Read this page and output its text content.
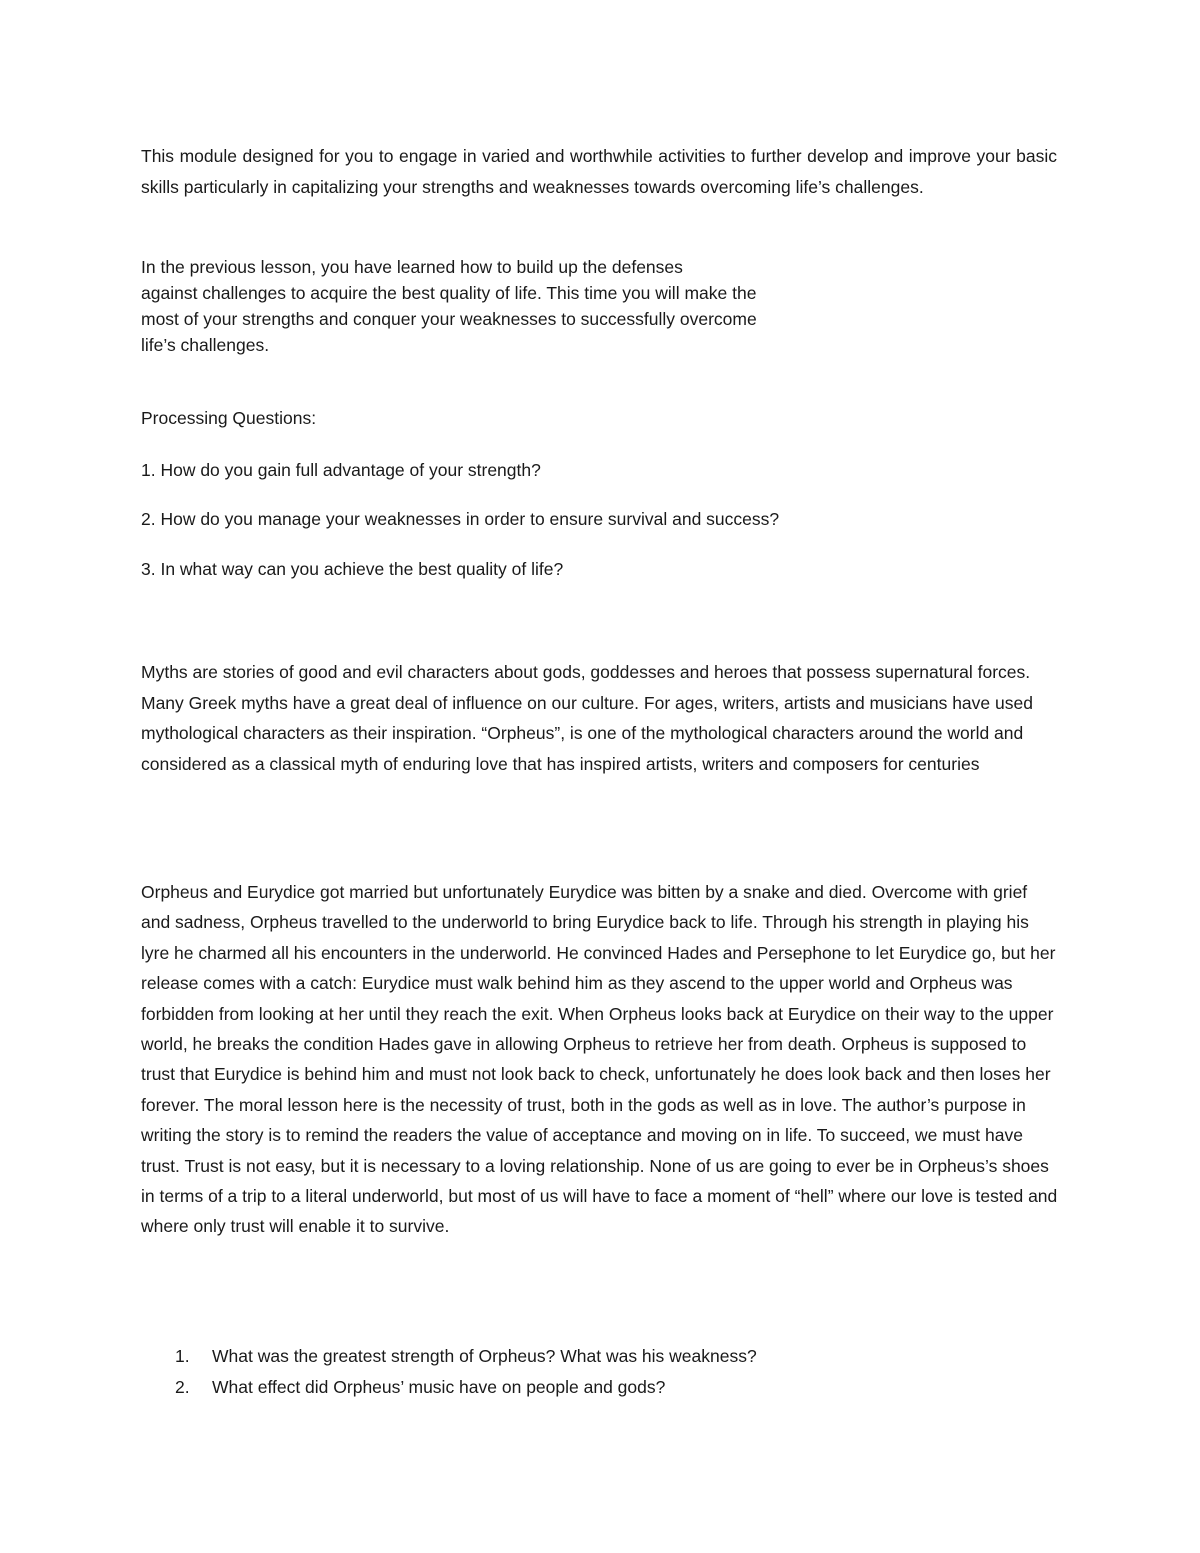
This module designed for you to engage in varied and worthwhile activities to further develop and improve your basic skills particularly in capitalizing your strengths and weaknesses towards overcoming life’s challenges.

In the previous lesson, you have learned how to build up the defenses
against challenges to acquire the best quality of life. This time you will make the
most of your strengths and conquer your weaknesses to successfully overcome
life’s challenges.

Processing Questions:

1. How do you gain full advantage of your strength?

2. How do you manage your weaknesses in order to ensure survival and success?

3. In what way can you achieve the best quality of life?

Myths are stories of good and evil characters about gods, goddesses and heroes that possess supernatural forces. Many Greek myths have a great deal of influence on our culture. For ages, writers, artists and musicians have used mythological characters as their inspiration. “Orpheus”, is one of the mythological characters around the world and considered as a classical myth of enduring love that has inspired artists, writers and composers for centuries

Orpheus and Eurydice got married but unfortunately Eurydice was bitten by a snake and died. Overcome with grief and sadness, Orpheus travelled to the underworld to bring Eurydice back to life. Through his strength in playing his lyre he charmed all his encounters in the underworld. He convinced Hades and Persephone to let Eurydice go, but her release comes with a catch: Eurydice must walk behind him as they ascend to the upper world and Orpheus was forbidden from looking at her until they reach the exit. When Orpheus looks back at Eurydice on their way to the upper world, he breaks the condition Hades gave in allowing Orpheus to retrieve her from death. Orpheus is supposed to trust that Eurydice is behind him and must not look back to check, unfortunately he does look back and then loses her forever. The moral lesson here is the necessity of trust, both in the gods as well as in love. The author’s purpose in writing the story is to remind the readers the value of acceptance and moving on in life. To succeed, we must have trust. Trust is not easy, but it is necessary to a loving relationship. None of us are going to ever be in Orpheus’s shoes in terms of a trip to a literal underworld, but most of us will have to face a moment of “hell” where our love is tested and where only trust will enable it to survive.

1. What was the greatest strength of Orpheus? What was his weakness?
2. What effect did Orpheus’ music have on people and gods?
